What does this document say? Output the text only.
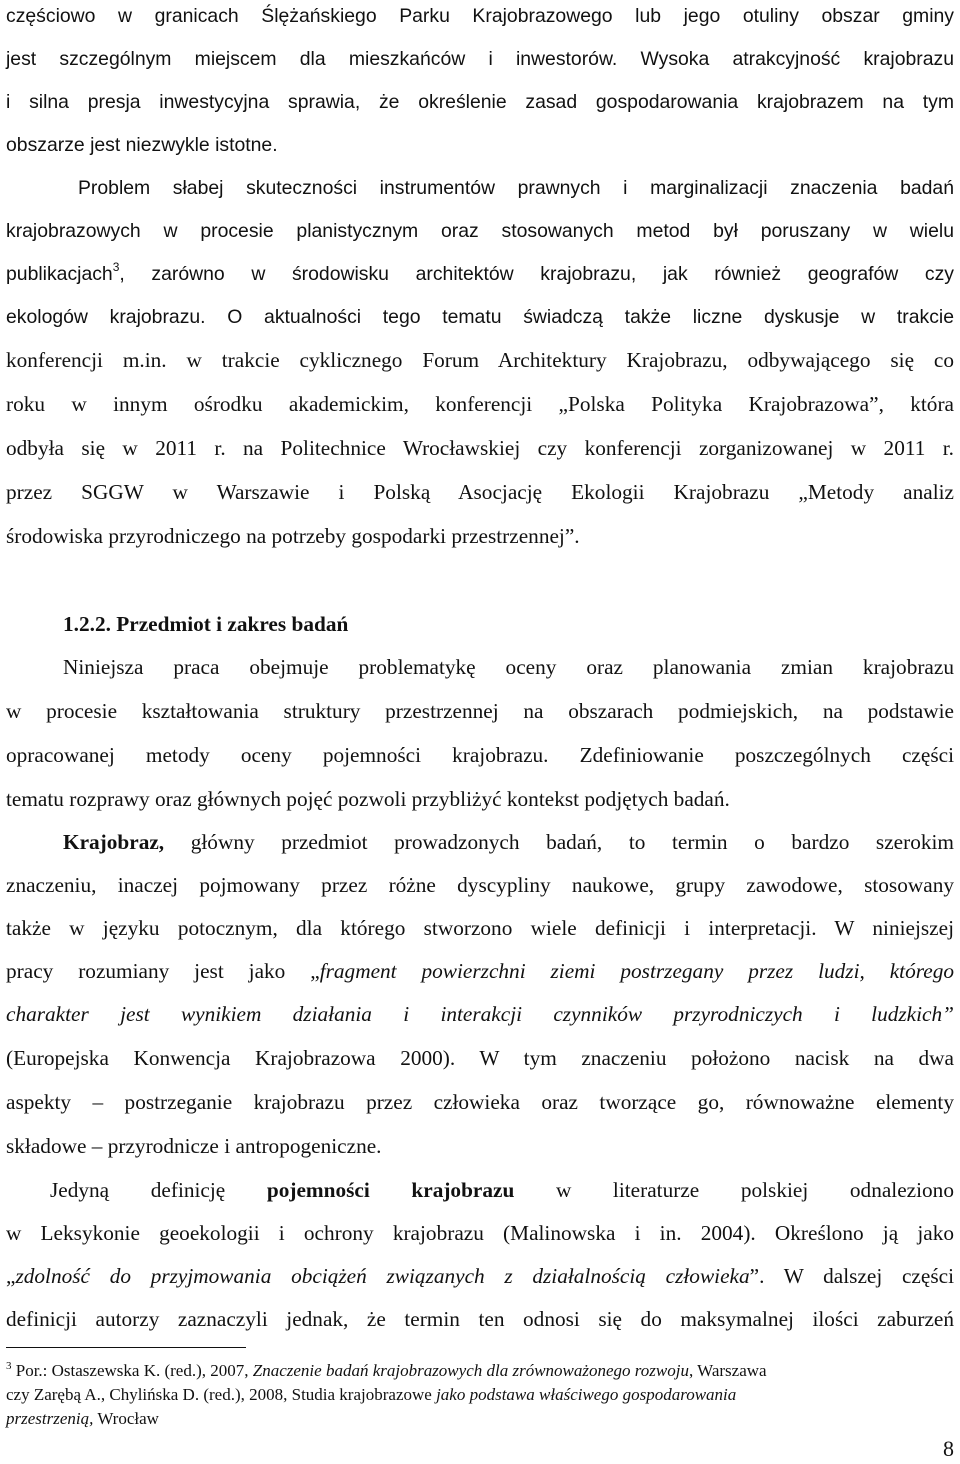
częściowo w granicach Ślężańskiego Parku Krajobrazowego lub jego otuliny obszar gminy
jest szczególnym miejscem dla mieszkańców i inwestorów. Wysoka atrakcyjność krajobrazu
i silna presja inwestycyjna sprawia, że określenie zasad gospodarowania krajobrazem na tym
obszarze jest niezwykle istotne.
Problem słabej skuteczności instrumentów prawnych i marginalizacji znaczenia badań
krajobrazowych w procesie planistycznym oraz stosowanych metod był poruszany w wielu
publikacjach$^3$, zarówno w środowisku architektów krajobrazu, jak również geografów czy
ekologów krajobrazu. O aktualności tego tematu świadczą także liczne dyskusje w trakcie
konferencji m.in. w trakcie cyklicznego Forum Architektury Krajobrazu, odbywającego się co
roku w innym ośrodku akademickim, konferencji „Polska Polityka Krajobrazowa”, która
odbyła się w 2011 r. na Politechnice Wrocławskiej czy konferencji zorganizowanej w 2011 r.
przez SGGW w Warszawie i Polską Asocjację Ekologii Krajobrazu „Metody analiz
środowiska przyrodniczego na potrzeby gospodarki przestrzennej”.
1.2.2. Przedmiot i zakres badań
Niniejsza praca obejmuje problematykę oceny oraz planowania zmian krajobrazu
w procesie kształtowania struktury przestrzennej na obszarach podmiejskich, na podstawie
opracowanej metody oceny pojemności krajobrazu. Zdefiniowanie poszczególnych części
tematu rozprawy oraz głównych pojęć pozwoli przybliżyć kontekst podjętych badań.
Krajobraz, główny przedmiot prowadzonych badań, to termin o bardzo szerokim
znaczeniu, inaczej pojmowany przez różne dyscypliny naukowe, grupy zawodowe, stosowany
także w języku potocznym, dla którego stworzono wiele definicji i interpretacji. W niniejszej
pracy rozumiany jest jako „fragment powierzchni ziemi postrzegany przez ludzi, którego
charakter jest wynikiem działania i interakcji czynników przyrodniczych i ludzkich”
(Europejska Konwencja Krajobrazowa 2000). W tym znaczeniu położono nacisk na dwa
aspekty – postrzeganie krajobrazu przez człowieka oraz tworzące go, równoważne elementy
składowe – przyrodnicze i antropogeniczne.
Jedyną definicję pojemności krajobrazu w literaturze polskiej odnaleziono
w Leksykonie geoekologii i ochrony krajobrazu (Malinowska i in. 2004). Określono ją jako
„zdolność do przyjmowania obciążeń związanych z działalnością człowieka”. W dalszej części
definicji autorzy zaznaczyli jednak, że termin ten odnosi się do maksymalnej ilości zaburzeń
$^3$ Por.: Ostaszewska K. (red.), 2007, Znaczenie badań krajobrazowych dla zrównoważonego rozwoju, Warszawa
czy Zarębą A., Chylińska D. (red.), 2008, Studia krajobrazowe jako podstawa właściwego gospodarowania
przestrzenią, Wrocław
8
